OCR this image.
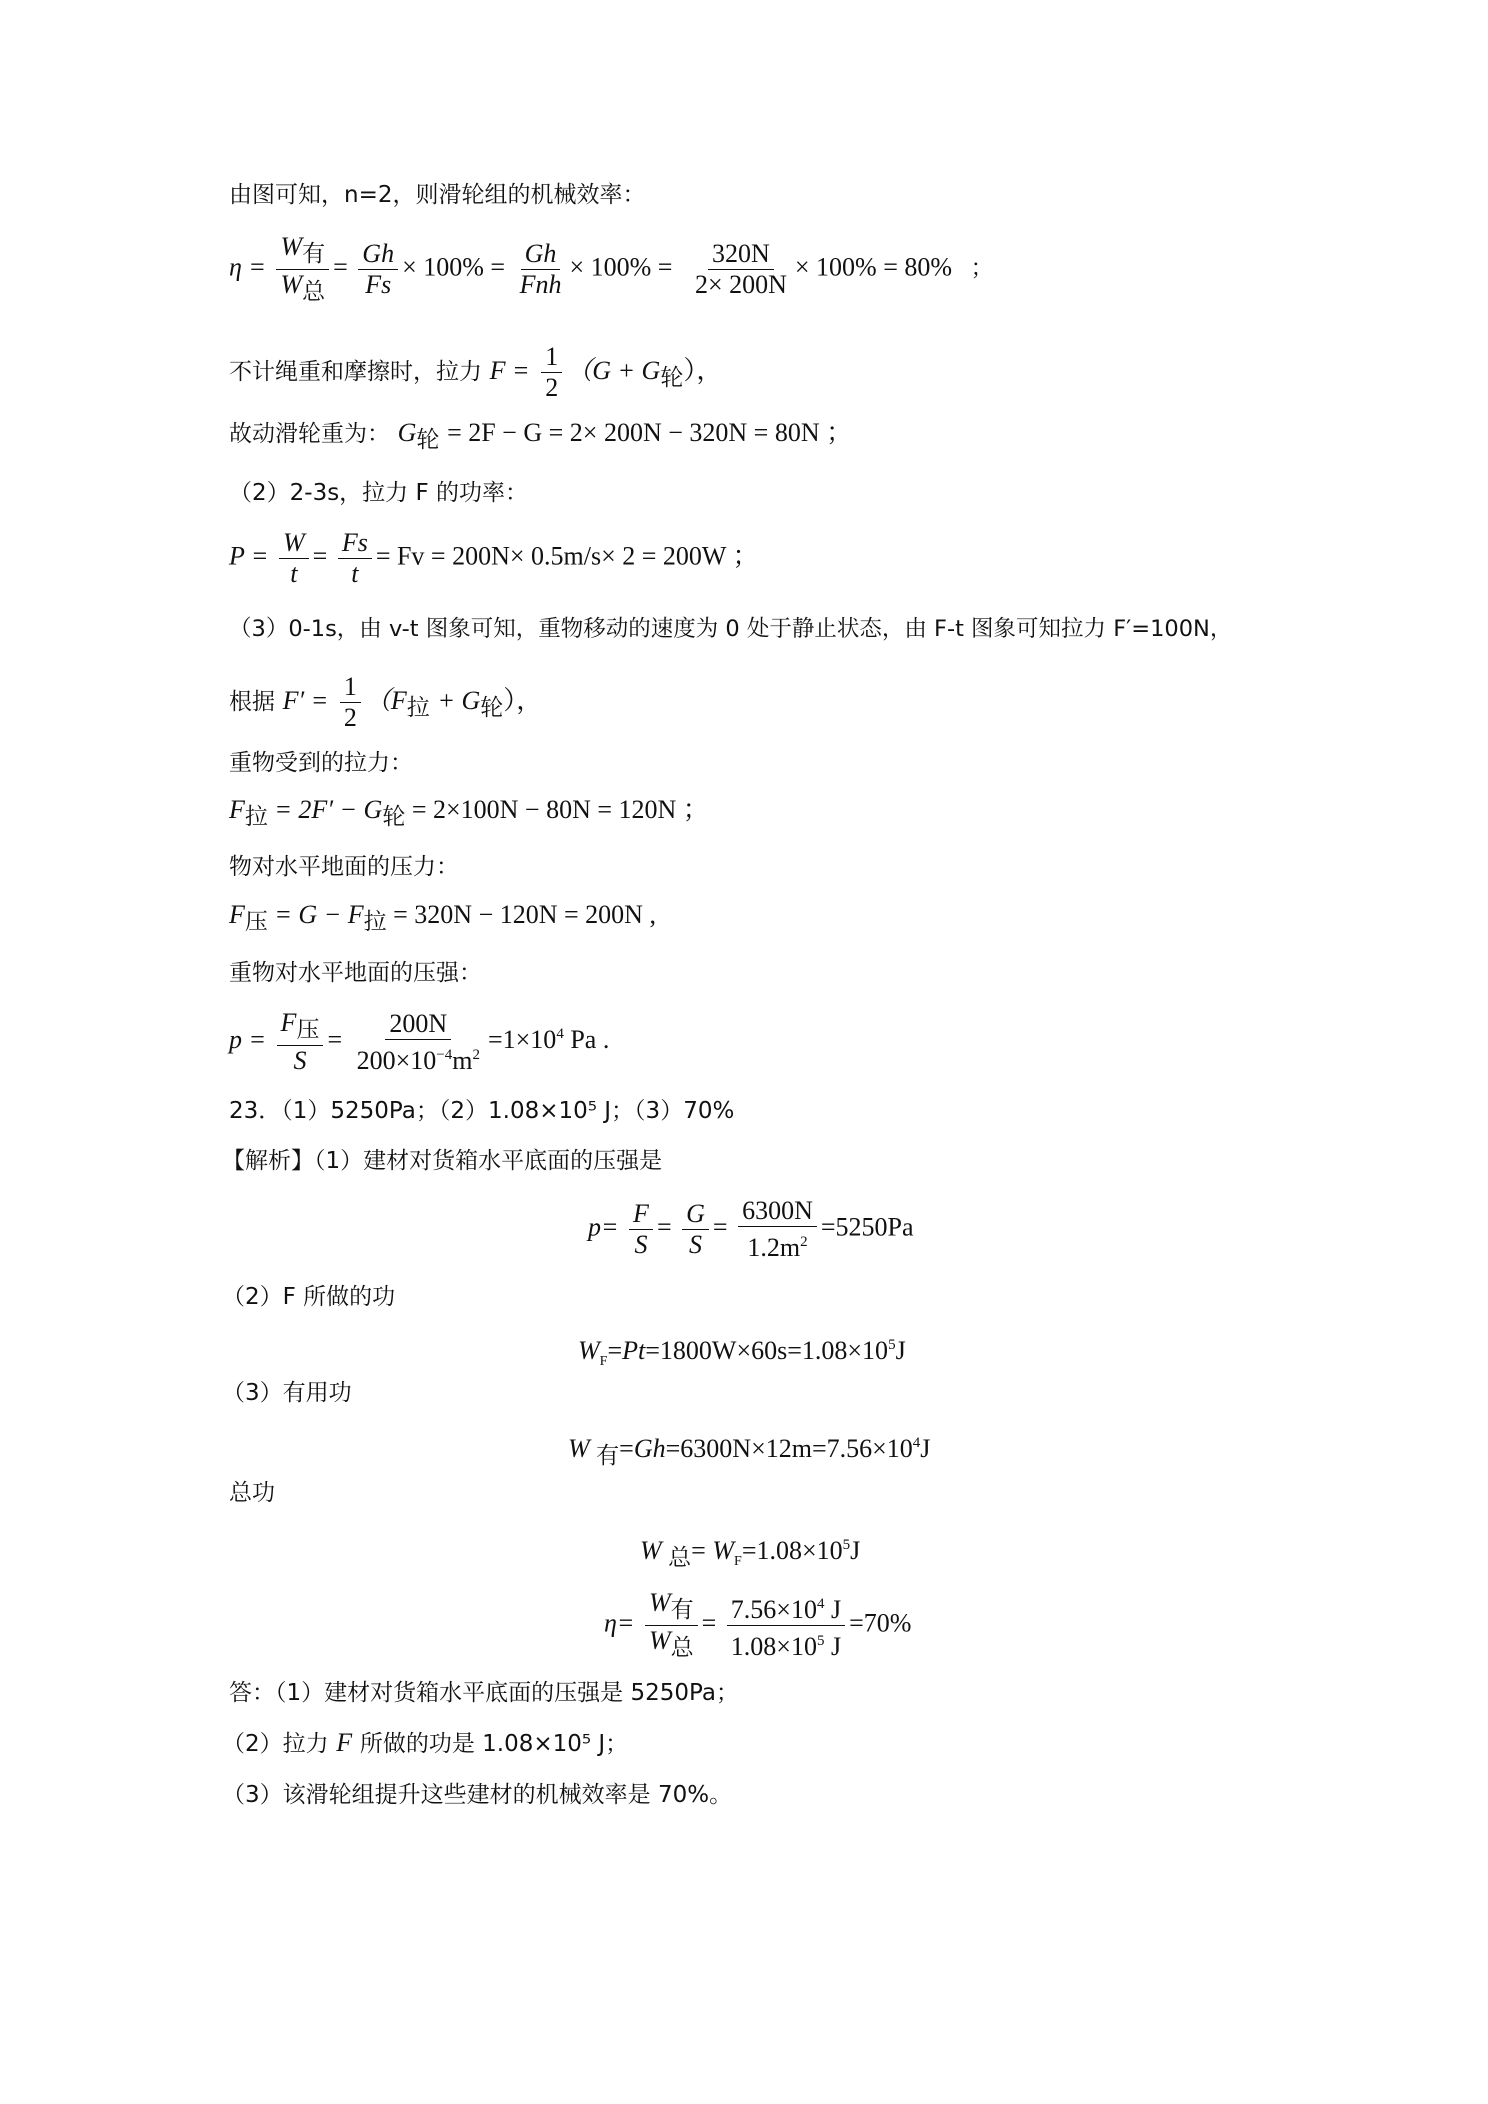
由图可知，n=2，则滑轮组的机械效率：
$\eta = \frac{\text{W有}}{\text{W总}} = \frac{Gh}{Fs} \times 100\% = \frac{Gh}{\text{Fnh}} \times 100\% = \frac{320N}{2\times 200N} \times 100\% = 80\%$ ；
不计绳重和摩擦时，拉力 $F = \frac{1}{2} (G + G$轮），
故动滑轮重为： G轮 = 2F − G = 2× 200N − 320N = 80N ；
（2）2-3s，拉力 F 的功率：
$P = \frac{W}{t} = \frac{Fs}{t} = Fv = 200N\times 0.5m/s\times 2 = 200W$ ；
（3）0-1s，由 v-t 图象可知，重物移动的速度为 0 处于静止状态，由 F-t 图象可知拉力 F′=100N，
根据 $F' = \frac{1}{2} (F$拉 + G轮），
重物受到的拉力：
F拉 = 2F′ − G轮 = 2×100N − 80N = 120N ；
物对水平地面的压力：
F压 = G − F拉 = 320N − 120N = 200N ,
重物对水平地面的压强：
$p = \frac{\text{F压}}{S} = \frac{200N}{200\times 10^{-4}m^2} =1\times 10^4$ Pa .
23．（1）5250Pa；（2）1.08×10⁵ J；（3）70%
【解析】（1）建材对货箱水平底面的压强是
$p= \frac{F}{S} = \frac{G}{S} = \frac{6300N}{1.2m^2} =5250Pa$
（2）F 所做的功
$W_F=Pt=1800W\times 60s=1.08\times 10^5J$
（3）有用功
W 有$=Gh=6300N\times 12m=7.56\times 10^4J$
总功
W 总= $W_F=1.08\times 10^5J$
$\eta= \frac{\text{W有}}{\text{W总}} = \frac{7.56\times 10^4 J}{1.08\times 10^5 J} =70\%$
答：（1）建材对货箱水平底面的压强是 5250Pa；
（2）拉力 F 所做的功是 1.08×10⁵ J；
（3）该滑轮组提升这些建材的机械效率是 70%。
